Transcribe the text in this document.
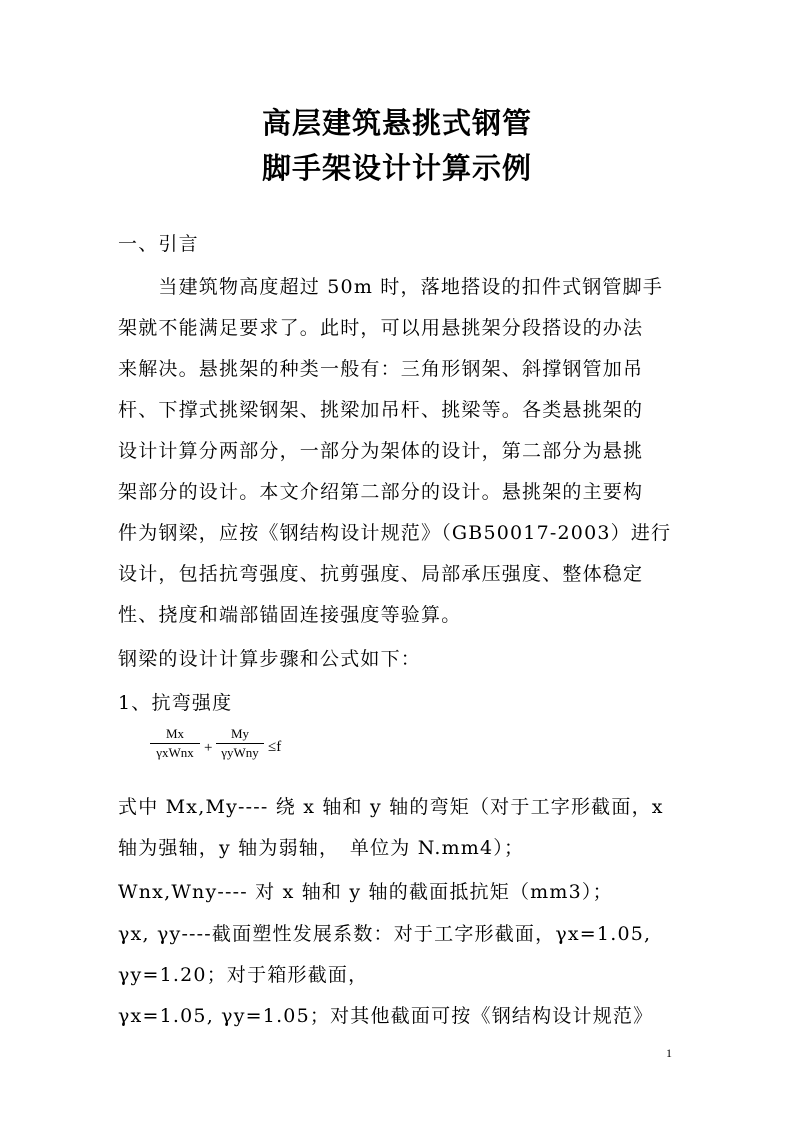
高层建筑悬挑式钢管
脚手架设计计算示例
一、引言
　　当建筑物高度超过 50m 时，落地搭设的扣件式钢管脚手
架就不能满足要求了。此时，可以用悬挑架分段搭设的办法
来解决。悬挑架的种类一般有：三角形钢架、斜撑钢管加吊
杆、下撑式挑梁钢架、挑梁加吊杆、挑梁等。各类悬挑架的
设计计算分两部分，一部分为架体的设计，第二部分为悬挑
架部分的设计。本文介绍第二部分的设计。悬挑架的主要构
件为钢梁，应按《钢结构设计规范》（GB50017-2003）进行
设计，包括抗弯强度、抗剪强度、局部承压强度、整体稳定
性、挠度和端部锚固连接强度等验算。
钢梁的设计计算步骤和公式如下：
1、抗弯强度
Mx
γxWnx +
My
γyWny ≤f
式中 Mx,My---- 绕 x 轴和 y 轴的弯矩（对于工字形截面，x
轴为强轴，y 轴为弱轴，　单位为 N.mm4）；
Wnx,Wny---- 对 x 轴和 y 轴的截面抵抗矩（mm3）；
γx, γy----截面塑性发展系数：对于工字形截面，γx=1.05,
γy=1.20；对于箱形截面，
γx=1.05, γy=1.05；对其他截面可按《钢结构设计规范》
1
